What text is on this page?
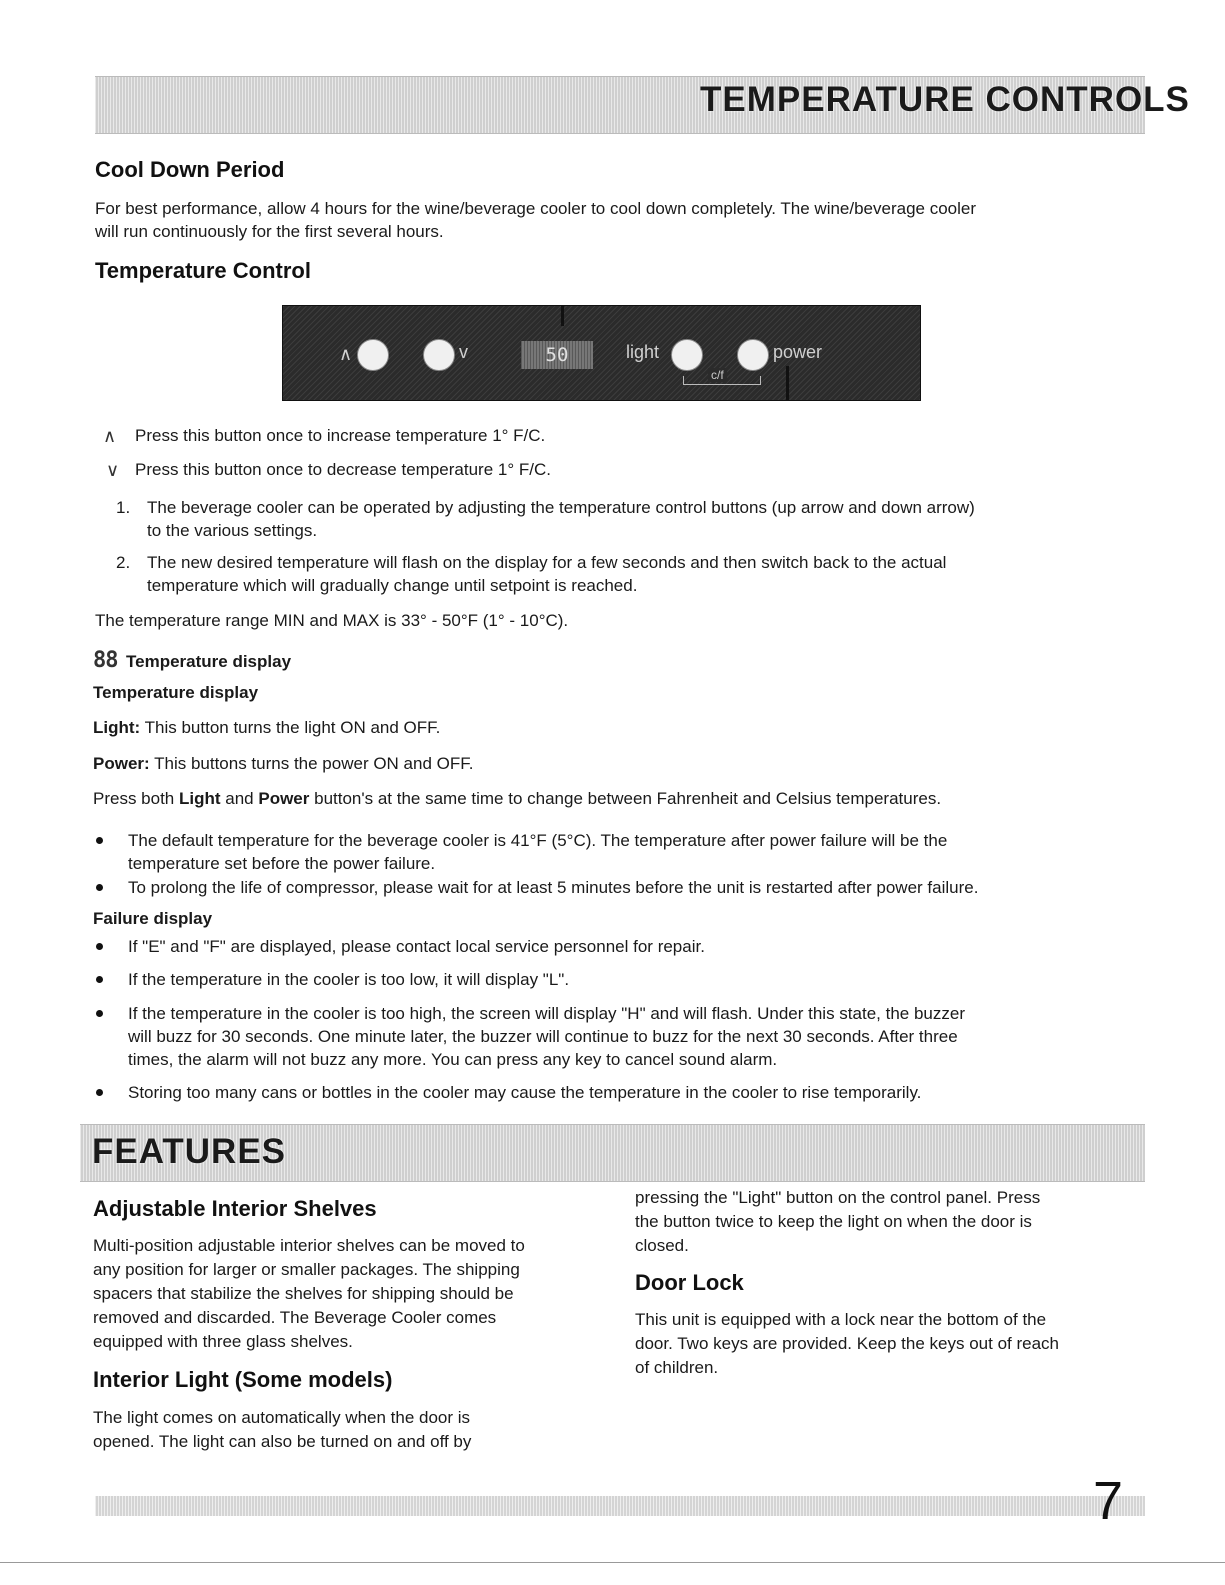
TEMPERATURE CONTROLS
Cool Down Period

For best performance, allow 4 hours for the wine/beverage cooler to cool down completely. The wine/beverage cooler

will run continuously for the first several hours.

Temperature Control
∧	v	50	light	power
c/f
∧ Press this button once to increase temperature 1° F/C.

∨ Press this button once to decrease temperature 1° F/C.

1. The beverage cooler can be operated by adjusting the temperature control buttons (up arrow and down arrow)

to the various settings.

2. The new desired temperature will flash on the display for a few seconds and then switch back to the actual

temperature which will gradually change until setpoint is reached.

The temperature range MIN and MAX is 33° - 50°F (1° - 10°C).

88 Temperature display

Temperature display

Light: This button turns the light ON and OFF.

Power: This buttons turns the power ON and OFF.

Press both Light and Power button's at the same time to change between Fahrenheit and Celsius temperatures.

The default temperature for the beverage cooler is 41°F (5°C). The temperature after power failure will be the

temperature set before the power failure.

To prolong the life of compressor, please wait for at least 5 minutes before the unit is restarted after power failure.

Failure display

If "E" and "F" are displayed, please contact local service personnel for repair.

If the temperature in the cooler is too low, it will display "L".

If the temperature in the cooler is too high, the screen will display "H" and will flash. Under this state, the buzzer

will buzz for 30 seconds. One minute later, the buzzer will continue to buzz for the next 30 seconds. After three

times, the alarm will not buzz any more. You can press any key to cancel sound alarm.

Storing too many cans or bottles in the cooler may cause the temperature in the cooler to rise temporarily.

FEATURES
Adjustable Interior Shelves

Multi-position adjustable interior shelves can be moved to

any position for larger or smaller packages. The shipping

spacers that stabilize the shelves for shipping should be

removed and discarded. The Beverage Cooler comes

equipped with three glass shelves.

Interior Light (Some models)

The light comes on automatically when the door is

opened. The light can also be turned on and off by

pressing the "Light" button on the control panel. Press

the button twice to keep the light on when the door is

closed.

Door Lock

This unit is equipped with a lock near the bottom of the

door. Two keys are provided. Keep the keys out of reach

of children.

7
